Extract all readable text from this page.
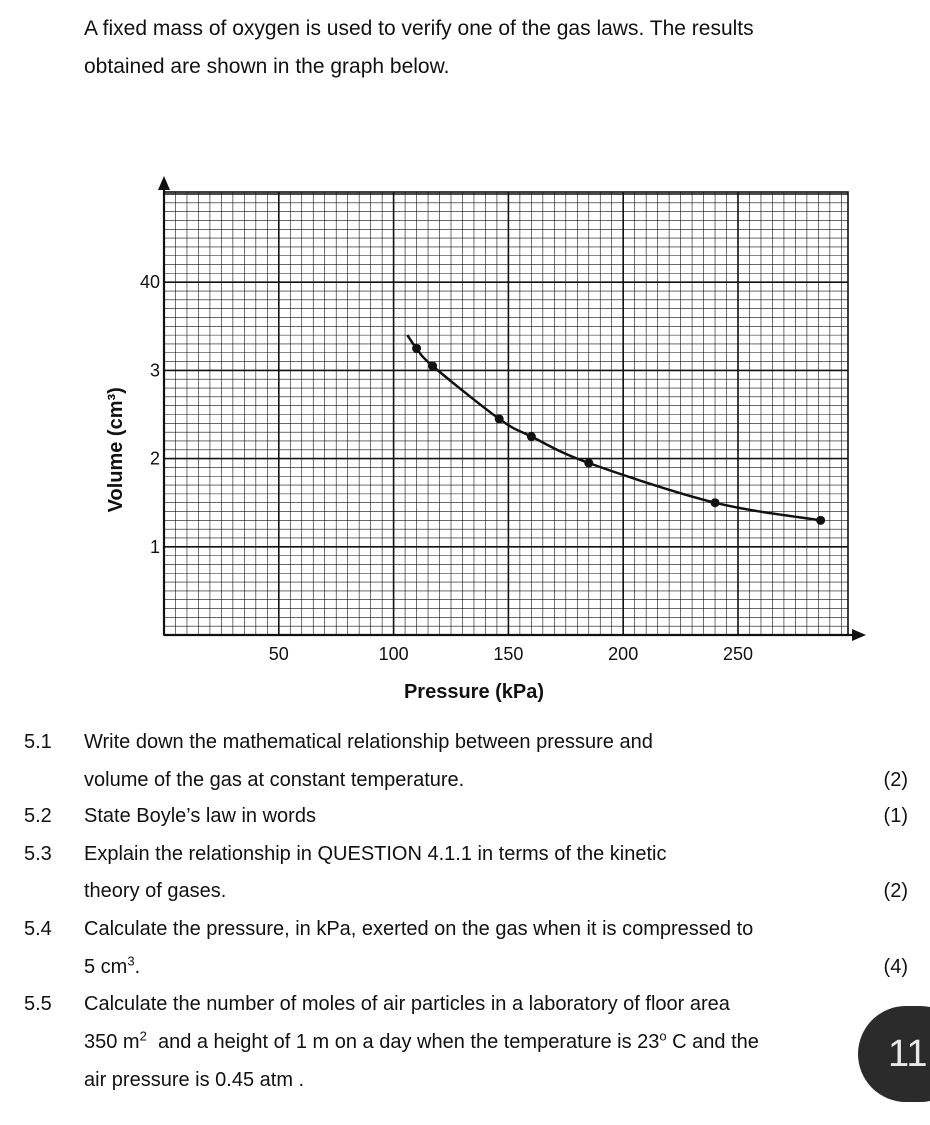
A fixed mass of oxygen is used to verify one of the gas laws. The results

obtained are shown in the graph below.

50	100	150	200	250
1
2
3
40
Pressure (kPa)
Volume (cm³)
5.1 Write down the mathematical relationship between pressure and
volume of the gas at constant temperature.	(2)
5.2 State Boyle’s law in words	(1)
5.3 Explain the relationship in QUESTION 4.1.1 in terms of the kinetic
theory of gases.	(2)
5.4 Calculate the pressure, in kPa, exerted on the gas when it is compressed to
5 $cm^3$.	(4)
5.5 Calculate the number of moles of air particles in a laboratory of floor area
350 $m^2$  and a height of 1 m on a day when the temperature is 23$^o$ C and the
air pressure is 0.45 atm .
11
